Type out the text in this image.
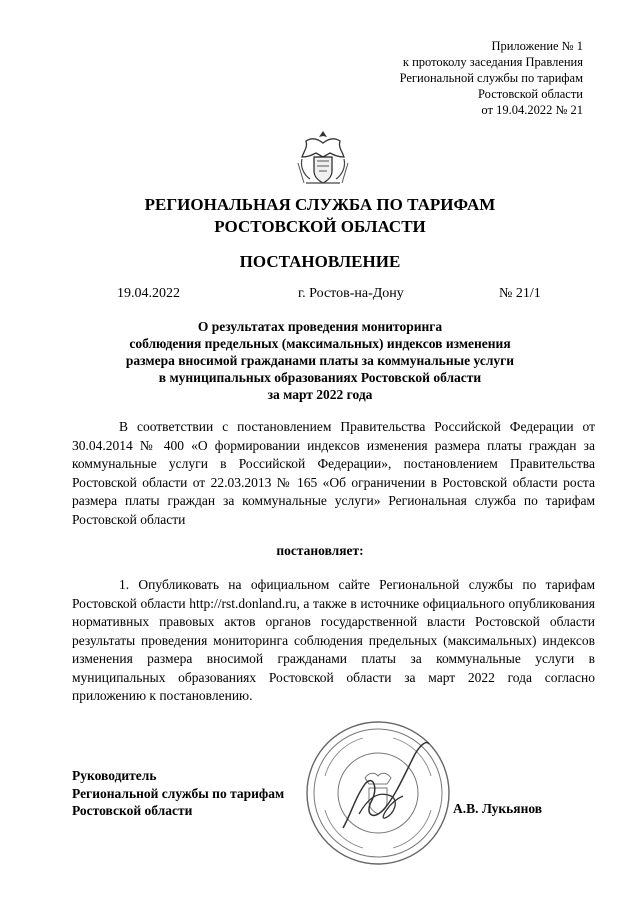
Приложение № 1
к протоколу заседания Правления
Региональной службы по тарифам
Ростовской области
от 19.04.2022 № 21
РЕГИОНАЛЬНАЯ СЛУЖБА ПО ТАРИФАМ
РОСТОВСКОЙ ОБЛАСТИ
ПОСТАНОВЛЕНИЕ
19.04.2022	г. Ростов-на-Дону	№ 21/1
О результатах проведения мониторинга
соблюдения предельных (максимальных) индексов изменения
размера вносимой гражданами платы за коммунальные услуги
в муниципальных образованиях Ростовской области
за март 2022 года
В соответствии с постановлением Правительства Российской Федерации от 30.04.2014 № 400 «О формировании индексов изменения размера платы граждан за коммунальные услуги в Российской Федерации», постановлением Правительства Ростовской области от 22.03.2013 № 165 «Об ограничении в Ростовской области роста размера платы граждан за коммунальные услуги» Региональная служба по тарифам Ростовской области
постановляет:
1. Опубликовать на официальном сайте Региональной службы по тарифам Ростовской области http://rst.donland.ru, а также в источнике официального опубликования нормативных правовых актов органов государственной власти Ростовской области результаты проведения мониторинга соблюдения предельных (максимальных) индексов изменения размера вносимой гражданами платы за коммунальные услуги в муниципальных образованиях Ростовской области за март 2022 года согласно приложению к постановлению.
Руководитель
Региональной службы по тарифам
Ростовской области	А.В. Лукьянов
